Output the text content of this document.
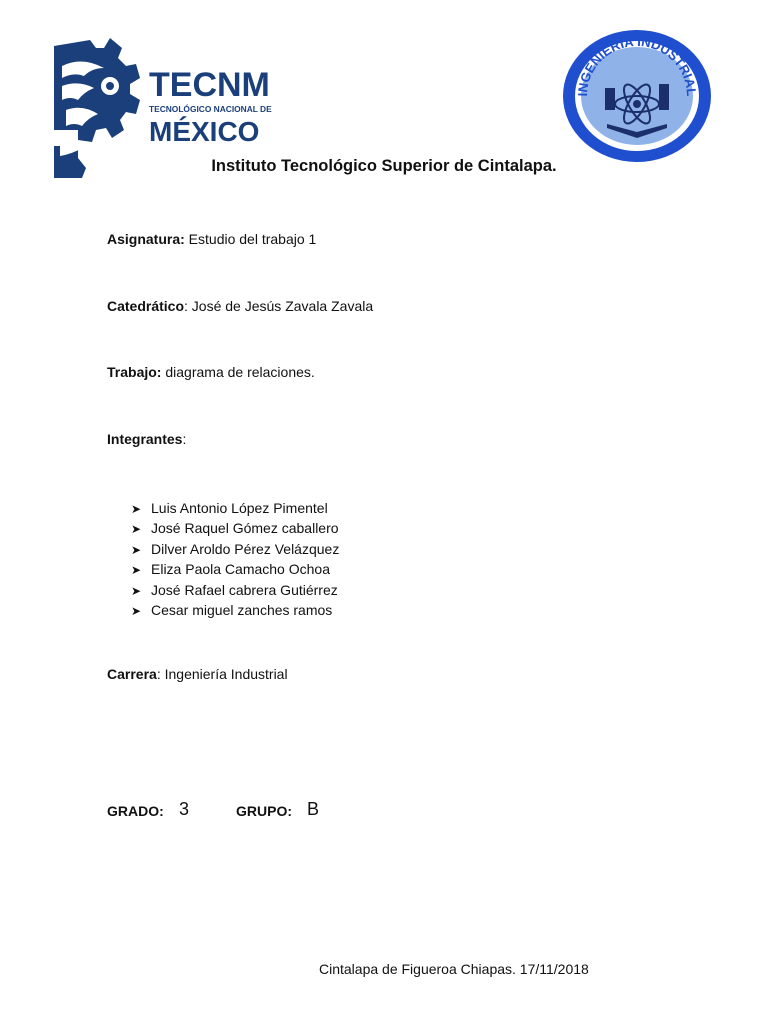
TECNM
TECNOLÓGICO NACIONAL DE
MÉXICO
INGENIERÍA INDUSTRIAL
Instituto Tecnológico Superior de Cintalapa.
Asignatura: Estudio del trabajo 1
Catedrático: José de Jesús Zavala Zavala
Trabajo: diagrama de relaciones.
Integrantes:
➤ Luis Antonio López Pimentel
➤ José Raquel Gómez caballero
➤ Dilver Aroldo Pérez Velázquez
➤ Eliza Paola Camacho Ochoa
➤ José Rafael cabrera Gutiérrez
➤ Cesar miguel zanches ramos
Carrera: Ingeniería Industrial
GRADO: 3	GRUPO: B
Cintalapa de Figueroa Chiapas. 17/11/2018
